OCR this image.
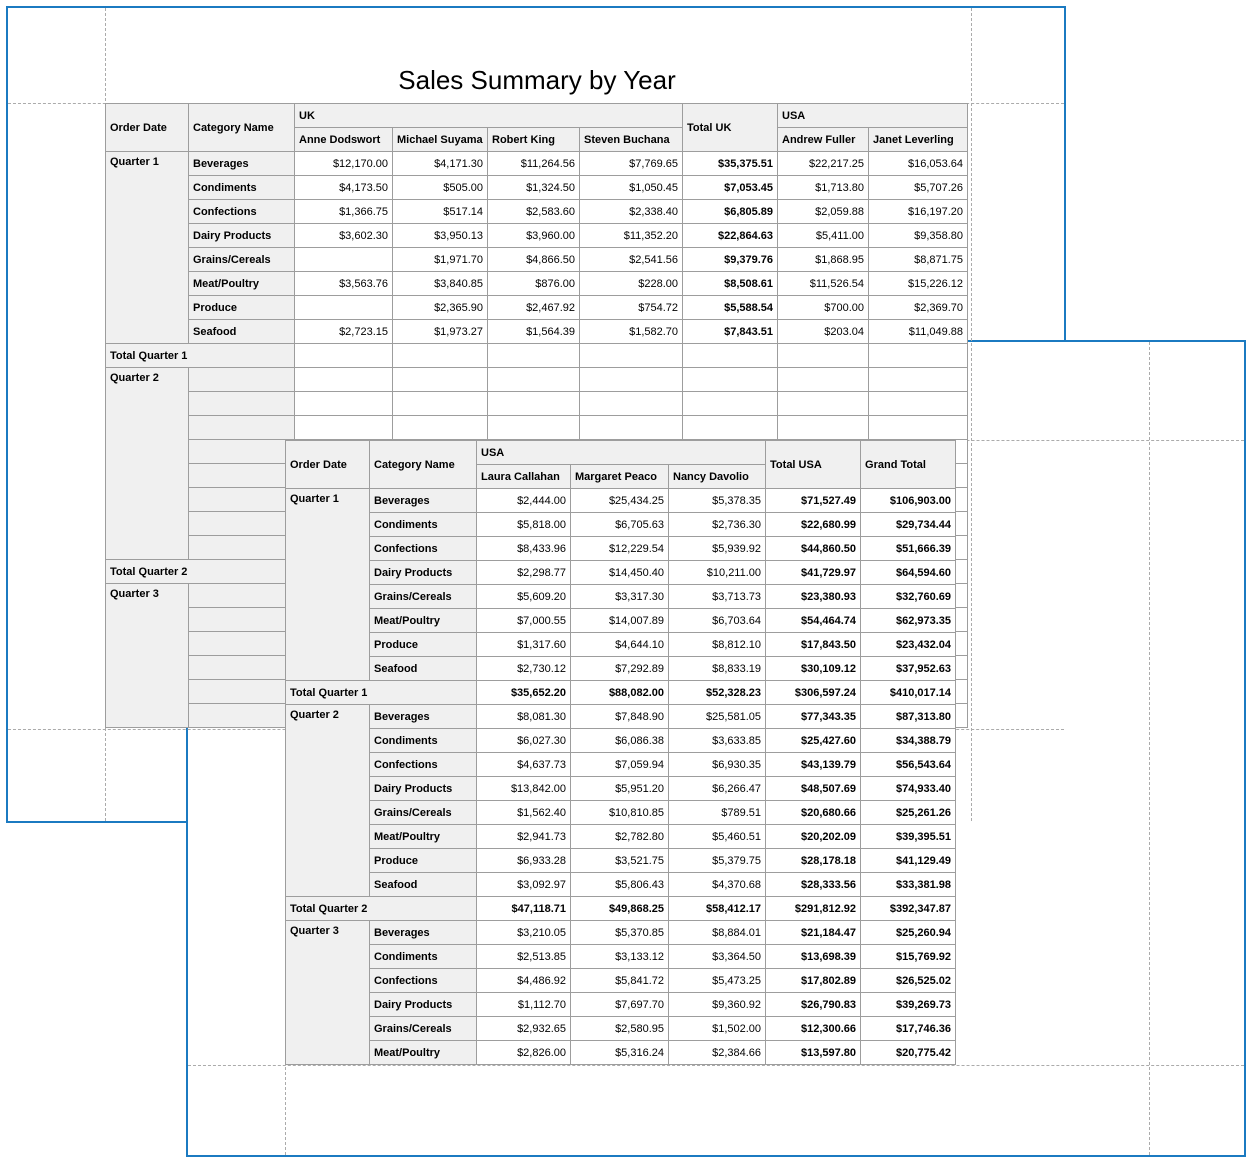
Sales Summary by Year
Order Date	Category Name	UK				Total UK	USA	
		Anne Dodswort	Michael Suyama	Robert King	Steven Buchana		Andrew Fuller	Janet Leverling
Quarter 1	Beverages	$12,170.00	$4,171.30	$11,264.56	$7,769.65	$35,375.51	$22,217.25	$16,053.64
	Condiments	$4,173.50	$505.00	$1,324.50	$1,050.45	$7,053.45	$1,713.80	$5,707.26
	Confections	$1,366.75	$517.14	$2,583.60	$2,338.40	$6,805.89	$2,059.88	$16,197.20
	Dairy Products	$3,602.30	$3,950.13	$3,960.00	$11,352.20	$22,864.63	$5,411.00	$9,358.80
	Grains/Cereals		$1,971.70	$4,866.50	$2,541.56	$9,379.76	$1,868.95	$8,871.75
	Meat/Poultry	$3,563.76	$3,840.85	$876.00	$228.00	$8,508.61	$11,526.54	$15,226.12
	Produce		$2,365.90	$2,467.92	$754.72	$5,588.54	$700.00	$2,369.70
	Seafood	$2,723.15	$1,973.27	$1,564.39	$1,582.70	$7,843.51	$203.04	$11,049.88
Total Quarter 1								
Quarter 2								

Total Quarter 2								
Quarter 3								

Order Date	Category Name	USA			Total USA	Grand Total
		Laura Callahan	Margaret Peaco	Nancy Davolio		
Quarter 1	Beverages	$2,444.00	$25,434.25	$5,378.35	$71,527.49	$106,903.00
	Condiments	$5,818.00	$6,705.63	$2,736.30	$22,680.99	$29,734.44
	Confections	$8,433.96	$12,229.54	$5,939.92	$44,860.50	$51,666.39
	Dairy Products	$2,298.77	$14,450.40	$10,211.00	$41,729.97	$64,594.60
	Grains/Cereals	$5,609.20	$3,317.30	$3,713.73	$23,380.93	$32,760.69
	Meat/Poultry	$7,000.55	$14,007.89	$6,703.64	$54,464.74	$62,973.35
	Produce	$1,317.60	$4,644.10	$8,812.10	$17,843.50	$23,432.04
	Seafood	$2,730.12	$7,292.89	$8,833.19	$30,109.12	$37,952.63
Total Quarter 1		$35,652.20	$88,082.00	$52,328.23	$306,597.24	$410,017.14
Quarter 2	Beverages	$8,081.30	$7,848.90	$25,581.05	$77,343.35	$87,313.80
	Condiments	$6,027.30	$6,086.38	$3,633.85	$25,427.60	$34,388.79
	Confections	$4,637.73	$7,059.94	$6,930.35	$43,139.79	$56,543.64
	Dairy Products	$13,842.00	$5,951.20	$6,266.47	$48,507.69	$74,933.40
	Grains/Cereals	$1,562.40	$10,810.85	$789.51	$20,680.66	$25,261.26
	Meat/Poultry	$2,941.73	$2,782.80	$5,460.51	$20,202.09	$39,395.51
	Produce	$6,933.28	$3,521.75	$5,379.75	$28,178.18	$41,129.49
	Seafood	$3,092.97	$5,806.43	$4,370.68	$28,333.56	$33,381.98
Total Quarter 2		$47,118.71	$49,868.25	$58,412.17	$291,812.92	$392,347.87
Quarter 3	Beverages	$3,210.05	$5,370.85	$8,884.01	$21,184.47	$25,260.94
	Condiments	$2,513.85	$3,133.12	$3,364.50	$13,698.39	$15,769.92
	Confections	$4,486.92	$5,841.72	$5,473.25	$17,802.89	$26,525.02
	Dairy Products	$1,112.70	$7,697.70	$9,360.92	$26,790.83	$39,269.73
	Grains/Cereals	$2,932.65	$2,580.95	$1,502.00	$12,300.66	$17,746.36
	Meat/Poultry	$2,826.00	$5,316.24	$2,384.66	$13,597.80	$20,775.42
